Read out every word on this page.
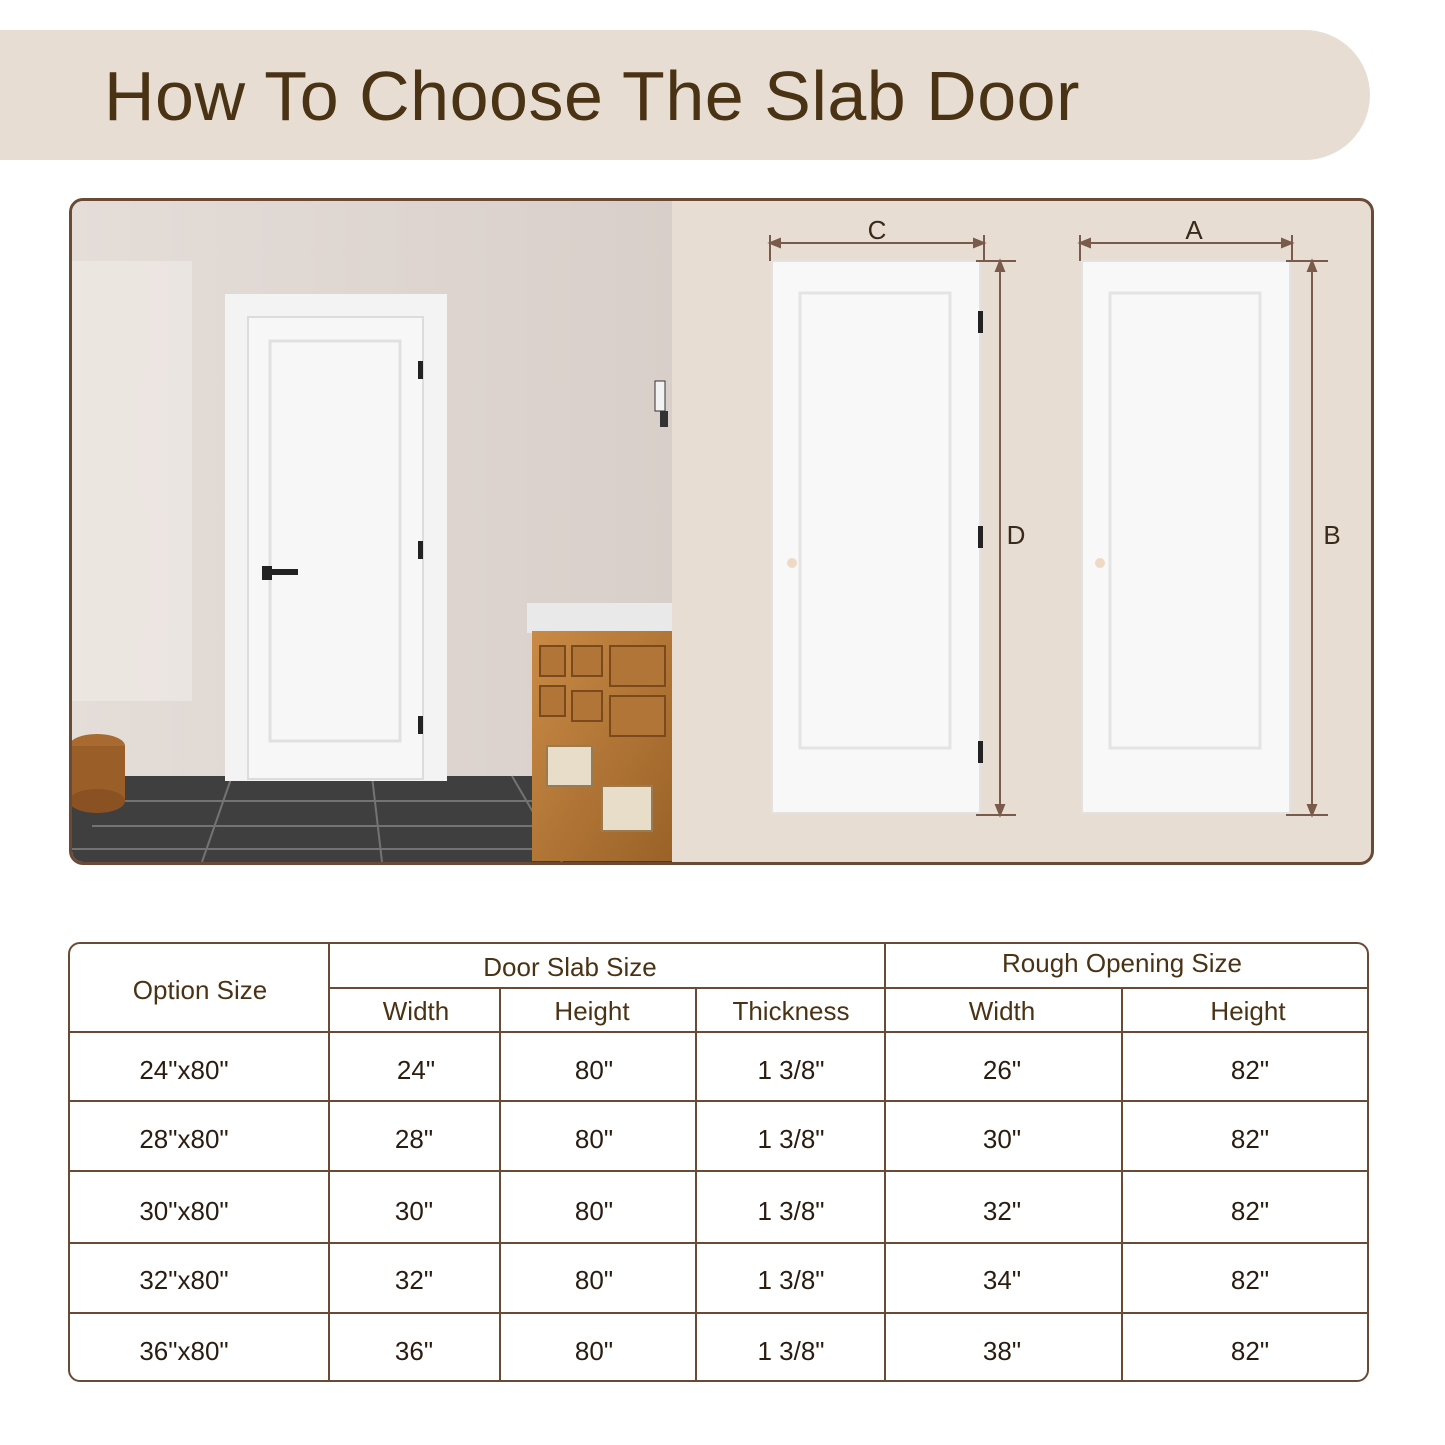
How To Choose The Slab Door
C
D
A
B
Option Size
Door Slab Size	Rough Opening Size
Width	Height	Thickness	Width	Height
24"x80"	24"	80"	1 3/8"	26"	82"
28"x80"	28"	80"	1 3/8"	30"	82"
30"x80"	30"	80"	1 3/8"	32"	82"
32"x80"	32"	80"	1 3/8"	34"	82"
36"x80"	36"	80"	1 3/8"	38"	82"
